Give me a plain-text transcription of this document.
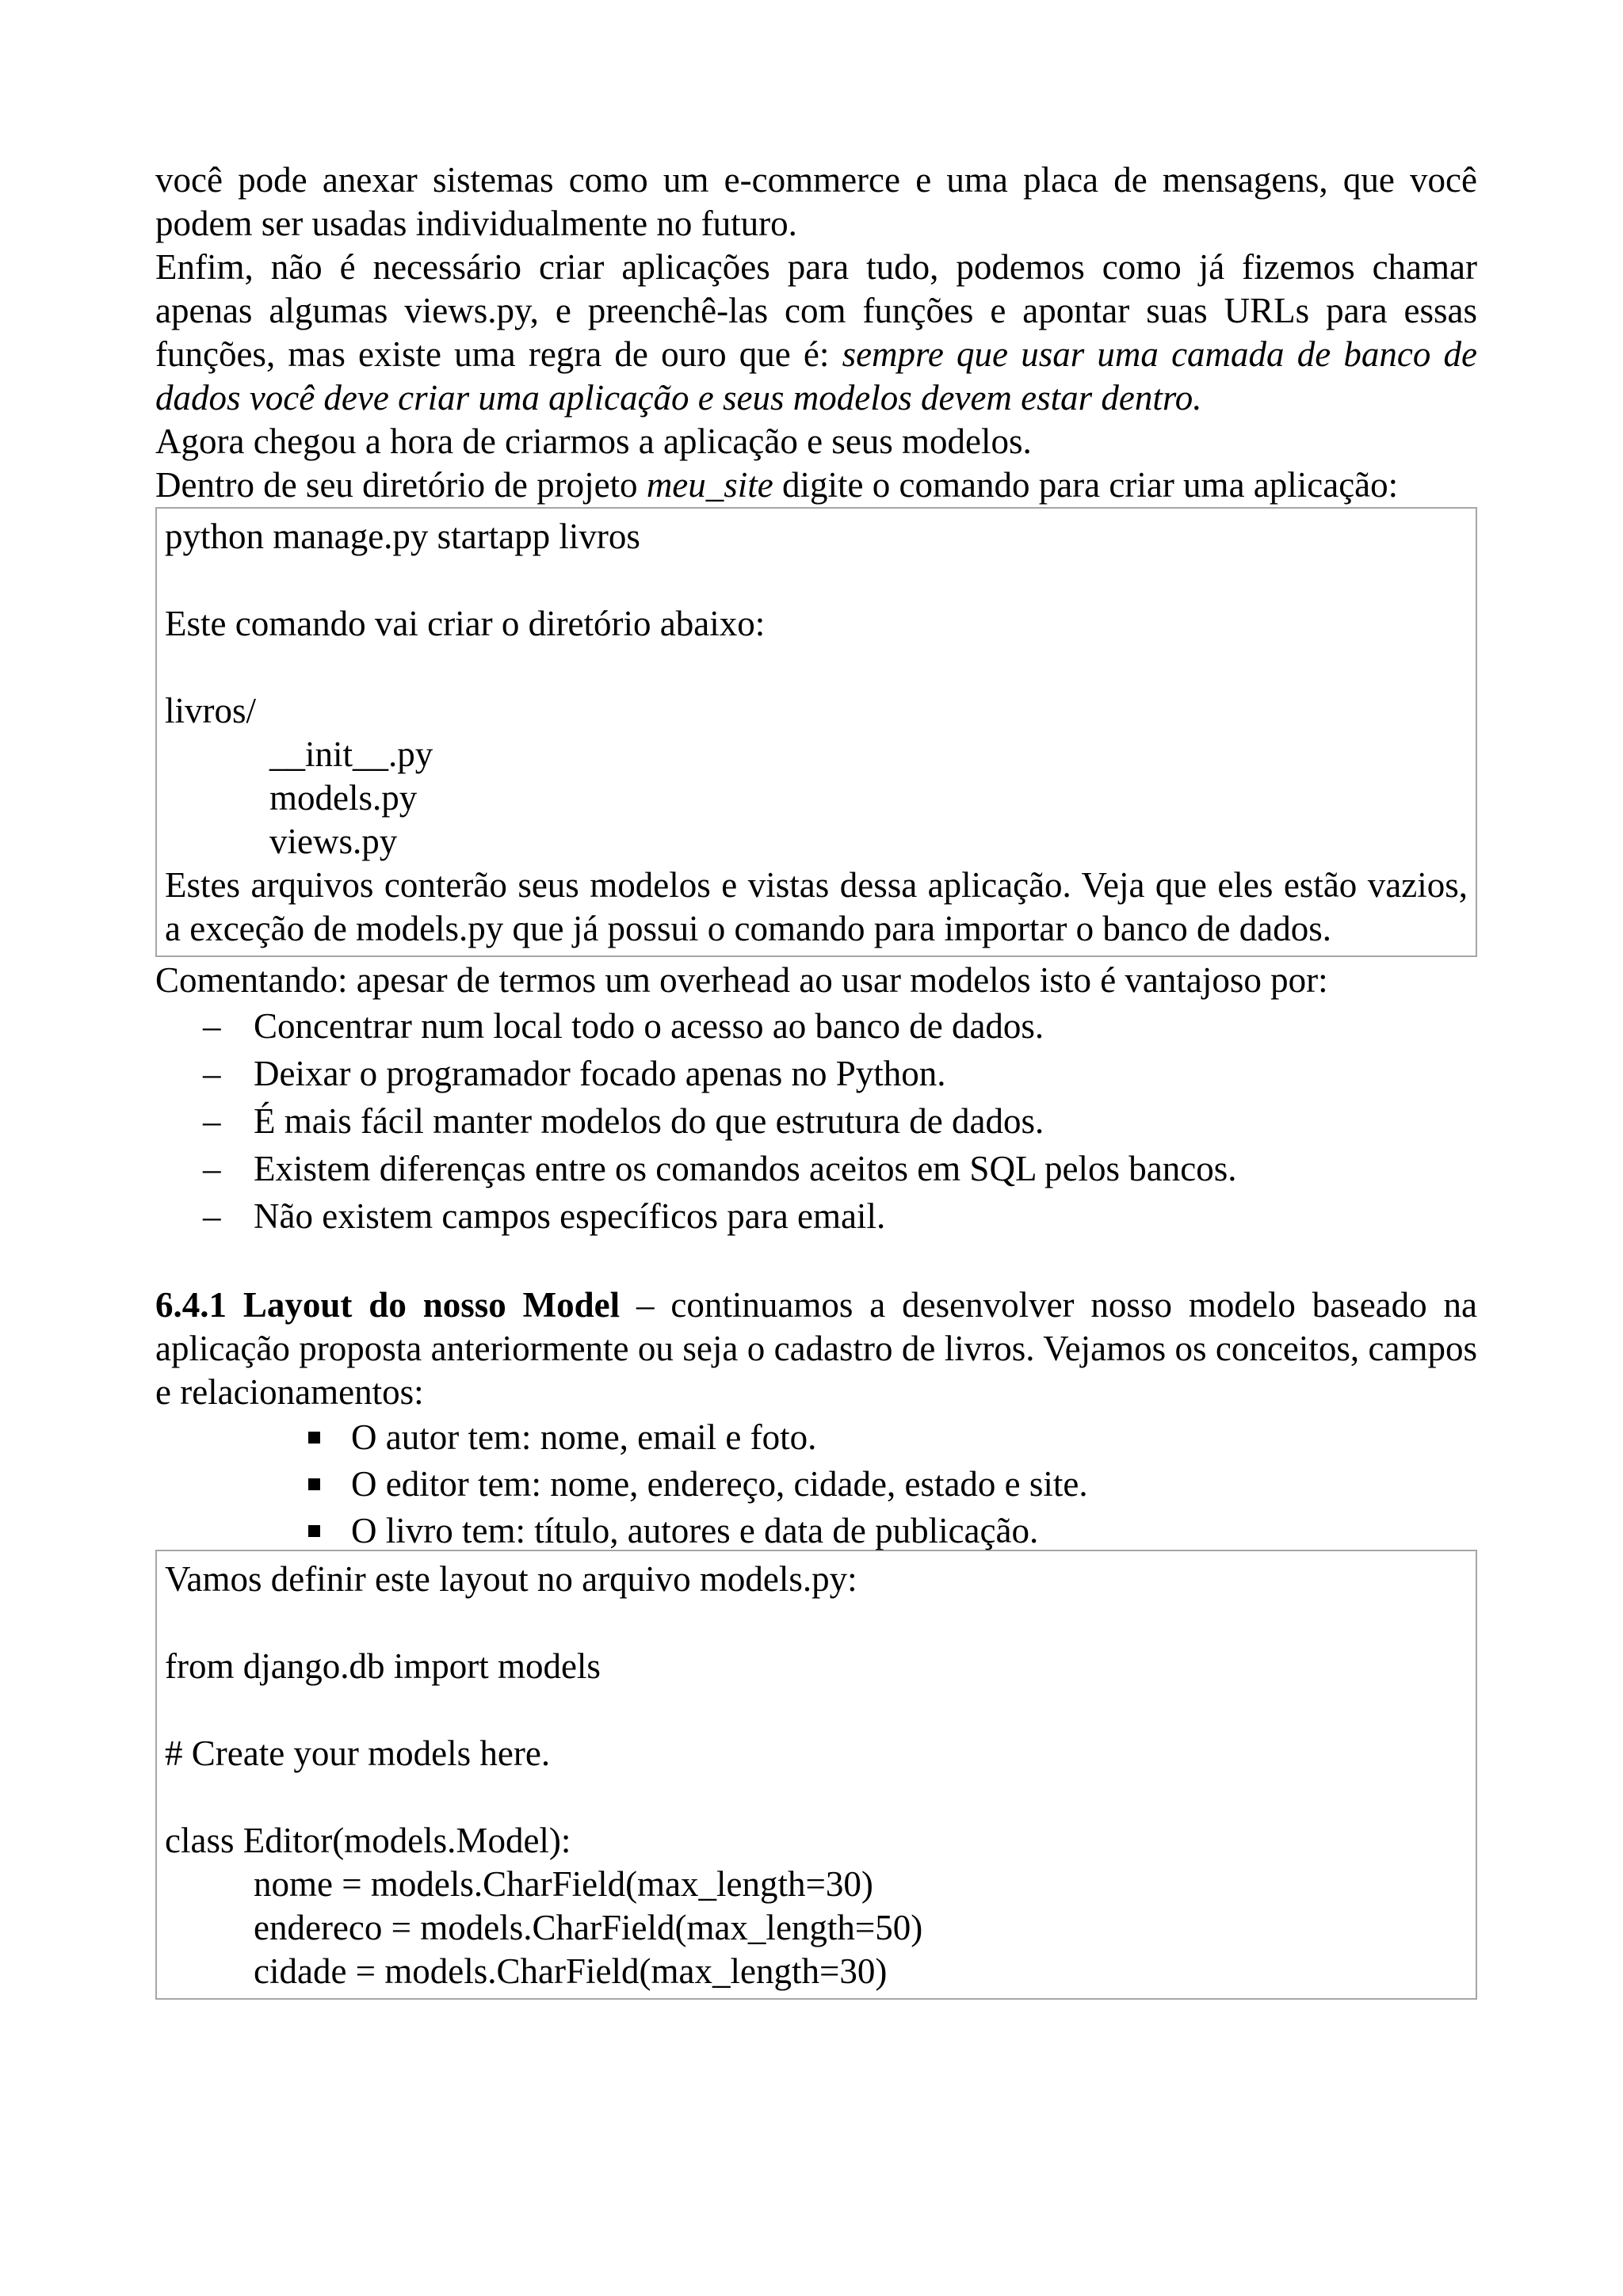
você pode anexar sistemas como um e-commerce e uma placa de mensagens, que você podem ser usadas individualmente no futuro.

Enfim, não é necessário criar aplicações para tudo, podemos como já fizemos chamar apenas algumas views.py, e preenchê-las com funções e apontar suas URLs para essas funções, mas existe uma regra de ouro que é: sempre que usar uma camada de banco de dados você deve criar uma aplicação e seus modelos devem estar dentro.

Agora chegou a hora de criarmos a aplicação e seus modelos.

Dentro de seu diretório de projeto meu_site digite o comando para criar uma aplicação:

python manage.py startapp livros

Este comando vai criar o diretório abaixo:

livros/

__init__.py

models.py

views.py

Estes arquivos conterão seus modelos e vistas dessa aplicação. Veja que eles estão vazios, a exceção de models.py que já possui o comando para importar o banco de dados.

Comentando: apesar de termos um overhead ao usar modelos isto é vantajoso por:

– Concentrar num local todo o acesso ao banco de dados.
– Deixar o programador focado apenas no Python.
– É mais fácil manter modelos do que estrutura de dados.
– Existem diferenças entre os comandos aceitos em SQL pelos bancos.
– Não existem campos específicos para email.

6.4.1 Layout do nosso Model – continuamos a desenvolver nosso modelo baseado na aplicação proposta anteriormente ou seja o cadastro de livros. Vejamos os conceitos, campos e relacionamentos:

O autor tem: nome, email e foto.
O editor tem: nome, endereço, cidade, estado e site.
O livro tem: título, autores e data de publicação.

Vamos definir este layout no arquivo models.py:

from django.db import models

# Create your models here.

class Editor(models.Model):

nome = models.CharField(max_length=30)

endereco = models.CharField(max_length=50)

cidade = models.CharField(max_length=30)
